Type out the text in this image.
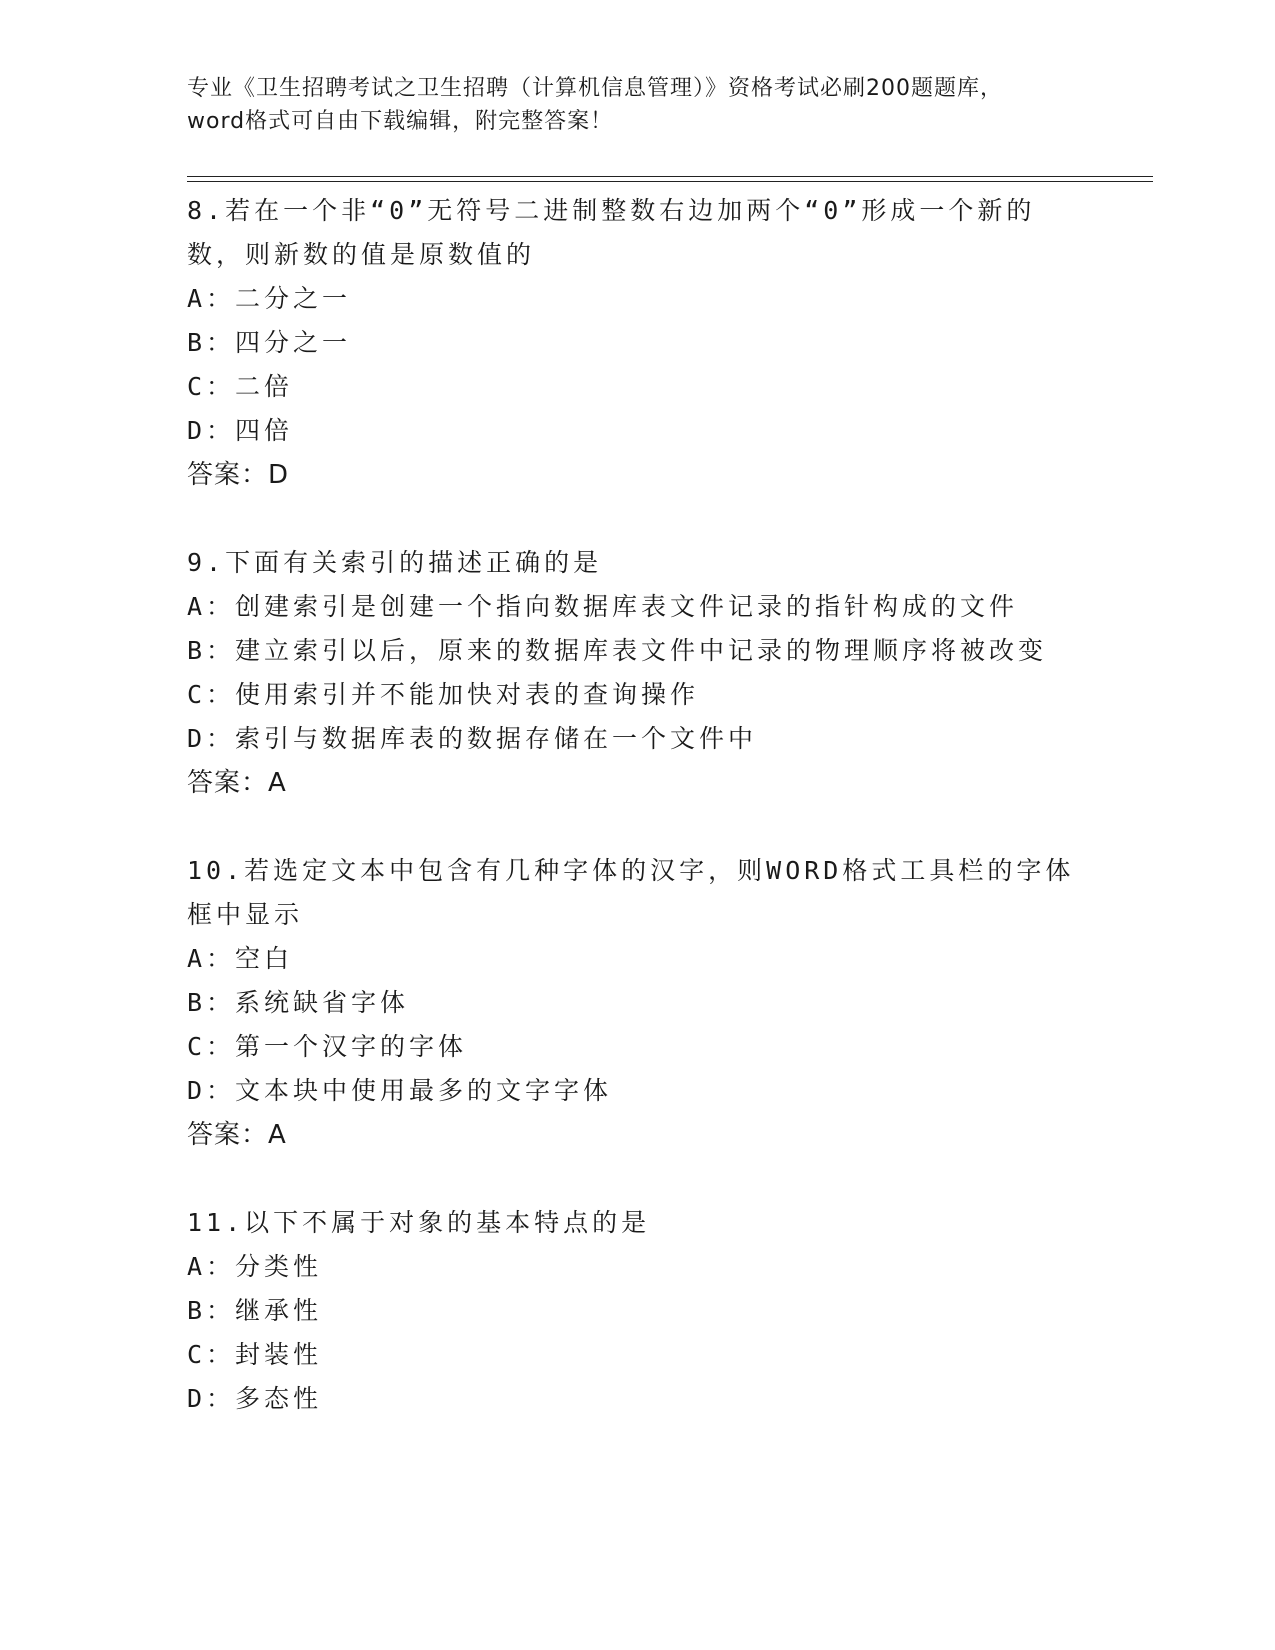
专业《卫生招聘考试之卫生招聘（计算机信息管理）》资格考试必刷200题题库，
word格式可自由下载编辑，附完整答案！
8.若在一个非“0”无符号二进制整数右边加两个“0”形成一个新的
数，则新数的值是原数值的
A：二分之一
B：四分之一
C：二倍
D：四倍
答案：D
9.下面有关索引的描述正确的是
A：创建索引是创建一个指向数据库表文件记录的指针构成的文件
B：建立索引以后，原来的数据库表文件中记录的物理顺序将被改变
C：使用索引并不能加快对表的查询操作
D：索引与数据库表的数据存储在一个文件中
答案：A
10.若选定文本中包含有几种字体的汉字，则WORD格式工具栏的字体
框中显示
A：空白
B：系统缺省字体
C：第一个汉字的字体
D：文本块中使用最多的文字字体
答案：A
11.以下不属于对象的基本特点的是
A：分类性
B：继承性
C：封装性
D：多态性
